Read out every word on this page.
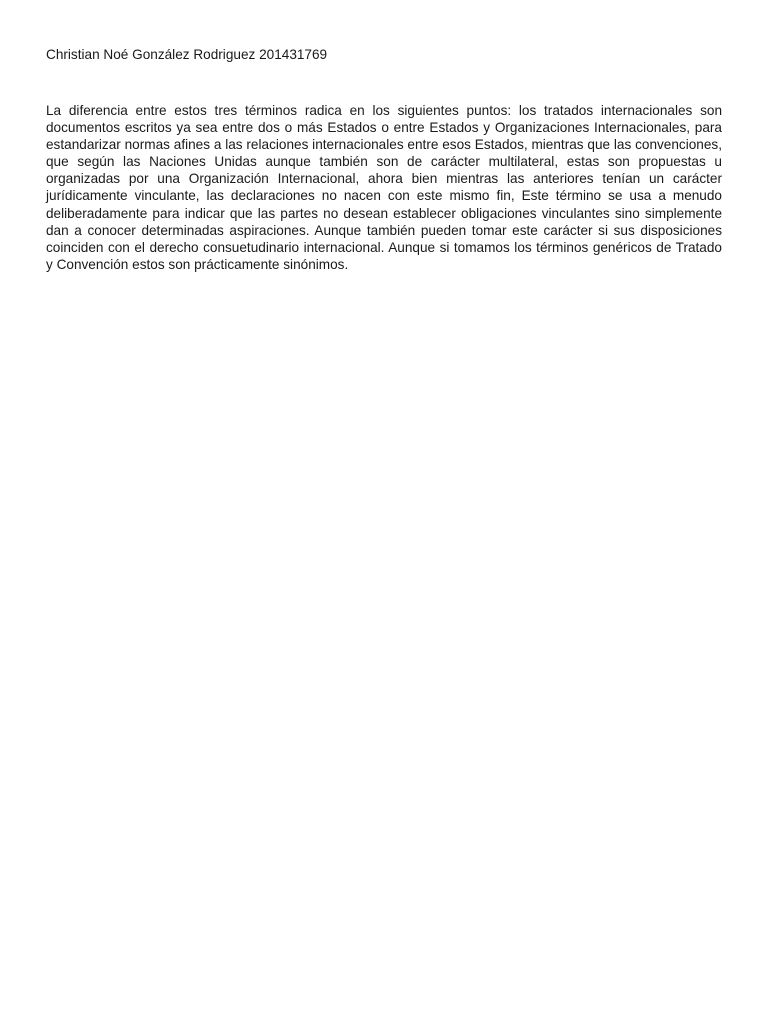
Christian Noé González Rodriguez 201431769

La diferencia entre estos tres términos radica en los siguientes puntos: los tratados internacionales son documentos escritos ya sea entre dos o más Estados o entre Estados y Organizaciones Internacionales, para estandarizar normas afines a las relaciones internacionales entre esos Estados, mientras que las convenciones, que según las Naciones Unidas aunque también son de carácter multilateral, estas son propuestas u organizadas por una Organización Internacional, ahora bien mientras las anteriores tenían un carácter jurídicamente vinculante, las declaraciones no nacen con este mismo fin, Este término se usa a menudo deliberadamente para indicar que las partes no desean establecer obligaciones vinculantes sino simplemente dan a conocer determinadas aspiraciones. Aunque también pueden tomar este carácter si sus disposiciones coinciden con el derecho consuetudinario internacional. Aunque si tomamos los términos genéricos de Tratado y Convención estos son prácticamente sinónimos.
